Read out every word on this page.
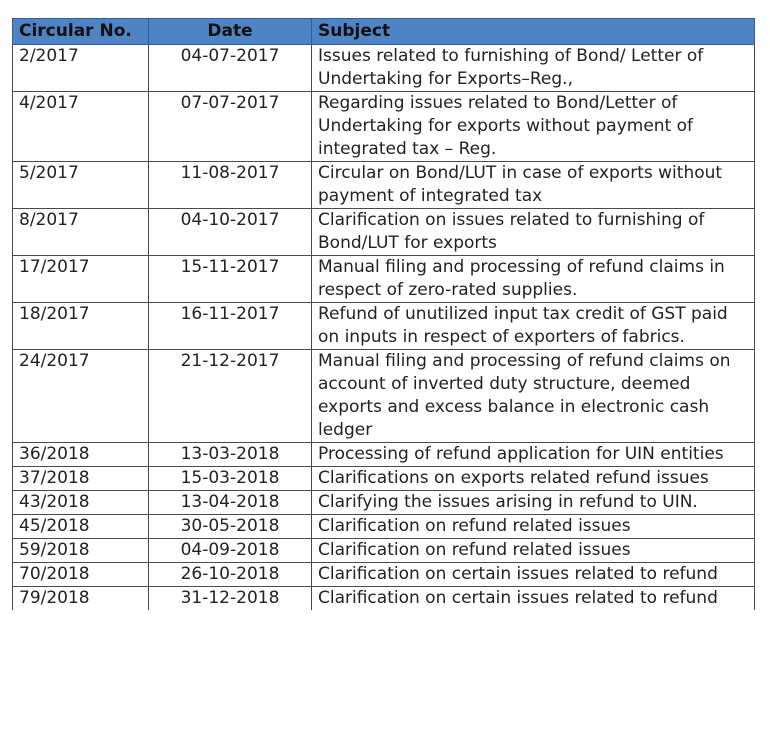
Circular No.	Date	Subject
2/2017	04-07-2017	Issues related to furnishing of Bond/ Letter of Undertaking for Exports–Reg.,
4/2017	07-07-2017	Regarding issues related to Bond/Letter of Undertaking for exports without payment of integrated tax – Reg.
5/2017	11-08-2017	Circular on Bond/LUT in case of exports without payment of integrated tax
8/2017	04-10-2017	Clarification on issues related to furnishing of Bond/LUT for exports
17/2017	15-11-2017	Manual filing and processing of refund claims in respect of zero-rated supplies.
18/2017	16-11-2017	Refund of unutilized input tax credit of GST paid on inputs in respect of exporters of fabrics.
24/2017	21-12-2017	Manual filing and processing of refund claims on account of inverted duty structure, deemed exports and excess balance in electronic cash ledger
36/2018	13-03-2018	Processing of refund application for UIN entities
37/2018	15-03-2018	Clarifications on exports related refund issues
43/2018	13-04-2018	Clarifying the issues arising in refund to UIN.
45/2018	30-05-2018	Clarification on refund related issues
59/2018	04-09-2018	Clarification on refund related issues
70/2018	26-10-2018	Clarification on certain issues related to refund
79/2018	31-12-2018	Clarification on certain issues related to refund
